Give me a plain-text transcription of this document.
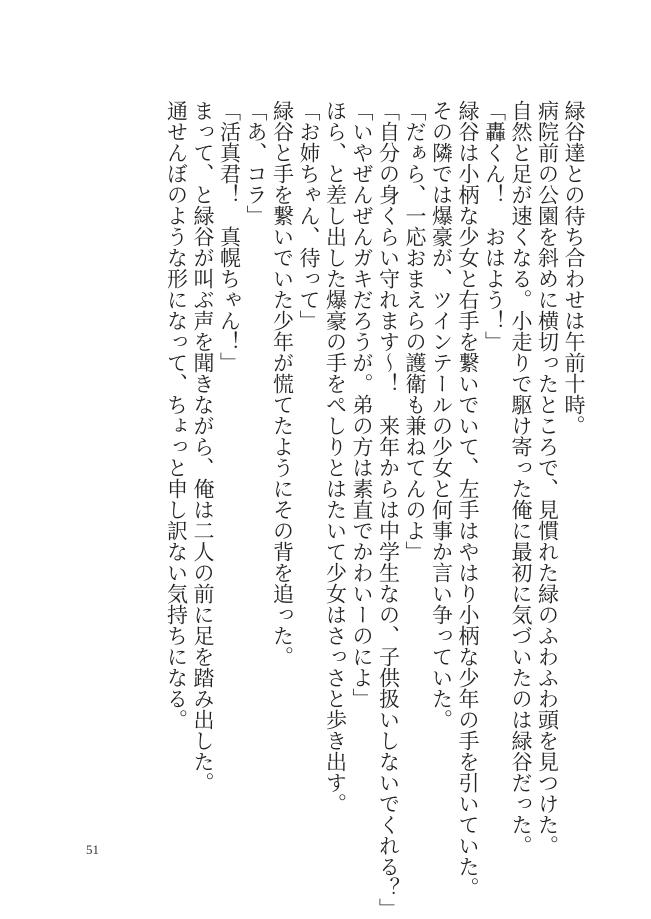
緑谷達との待ち合わせは午前十時。
病院前の公園を斜めに横切ったところで、見慣れた緑のふわふわ頭を見つけた。
自然と足が速くなる。小走りで駆け寄った俺に最初に気づいたのは緑谷だった。
「轟くん！　おはよう！」
緑谷は小柄な少女と右手を繋いでいて、左手はやはり小柄な少年の手を引いていた。
その隣では爆豪が、ツインテールの少女と何事か言い争っていた。
「だぁら、一応おまえらの護衛も兼ねてんのよ」
「自分の身くらい守れます〜！　来年からは中学生なの、子供扱いしないでくれる？」
「いやぜんぜんガキだろうが。弟の方は素直でかわいーのによ」
ほら、と差し出した爆豪の手をぺしりとはたいて少女はさっさと歩き出す。
「お姉ちゃん、待って」
緑谷と手を繋いでいた少年が慌てたようにその背を追った。
「あ、コラ」
「活真君！　真幌ちゃん！」
まって、と緑谷が叫ぶ声を聞きながら、俺は二人の前に足を踏み出した。
通せんぼのような形になって、ちょっと申し訳ない気持ちになる。
51
